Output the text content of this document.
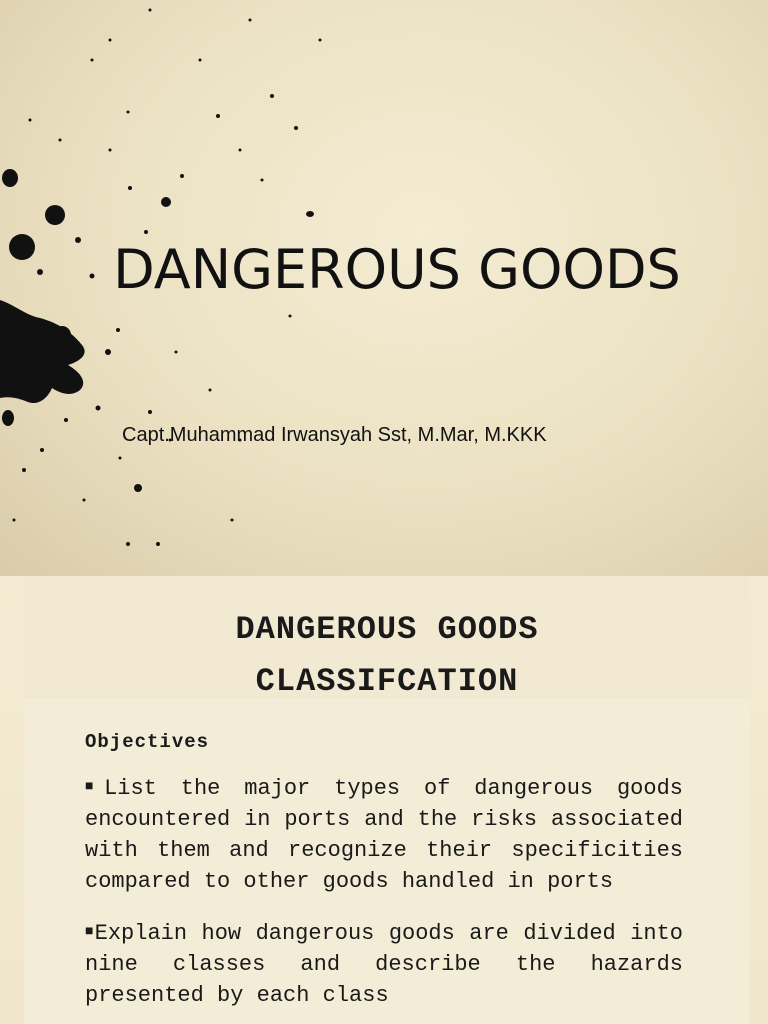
DANGEROUS GOODS
Capt.Muhammad Irwansyah Sst, M.Mar, M.KKK
DANGEROUS GOODS
CLASSIFCATION
Objectives
■List the major types of dangerous goods encountered in ports and the risks associated with them and recognize their specificities compared to other goods handled in ports
■Explain how dangerous goods are divided into nine classes and describe the hazards presented by each class
